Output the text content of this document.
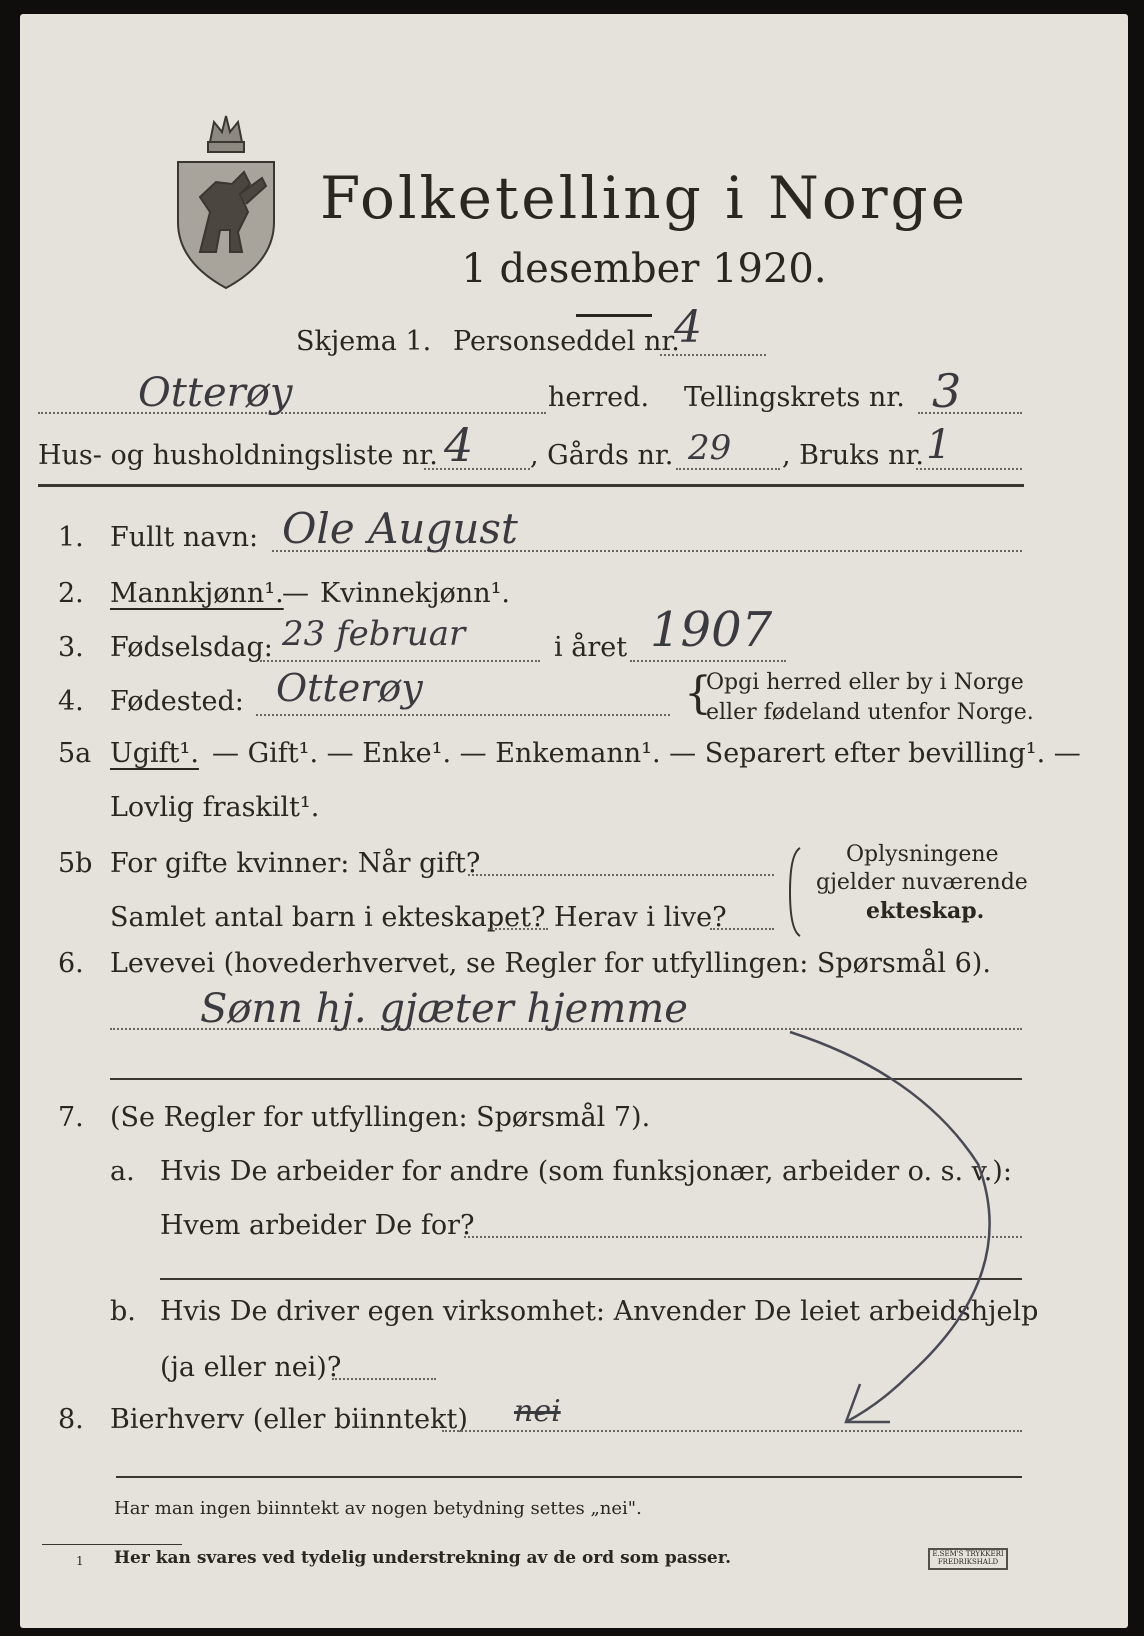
Folketelling i Norge
1 desember 1920.
Skjema 1. Personseddel nr.
4
Otterøy	herred. Tellingskrets nr. 3
Hus- og husholdningsliste nr. 4 , Gårds nr. 29 , Bruks nr. 1
1. Fullt navn: Ole August
2. Mannkjønn¹.
— Kvinnekjønn¹.
3. Fødselsdag: 23 februar	i året 1907
4. Fødested: Otterøy	{
Opgi herred eller by i Norge
eller fødeland utenfor Norge.
5a Ugift¹. — Gift¹. — Enke¹. — Enkemann¹. — Separert efter bevilling¹. —
Lovlig fraskilt¹.
5b For gifte kvinner: Når gift?
Samlet antal barn i ekteskapet? Herav i live?
Oplysningene
gjelder nuværende
ekteskap.
6. Levevei (hovederhvervet, se Regler for utfyllingen: Spørsmål 6).
Sønn hj. gjæter hjemme
7. (Se Regler for utfyllingen: Spørsmål 7).
a. Hvis De arbeider for andre (som funksjonær, arbeider o. s. v.):
Hvem arbeider De for?
b. Hvis De driver egen virksomhet: Anvender De leiet arbeidshjelp
(ja eller nei)?
8. Bierhverv (eller biinntekt) nei
Har man ingen biinntekt av nogen betydning settes „nei".
1 Her kan svares ved tydelig understrekning av de ord som passer.	E.SEM'S TRYKKERI FREDRIKSHALD
